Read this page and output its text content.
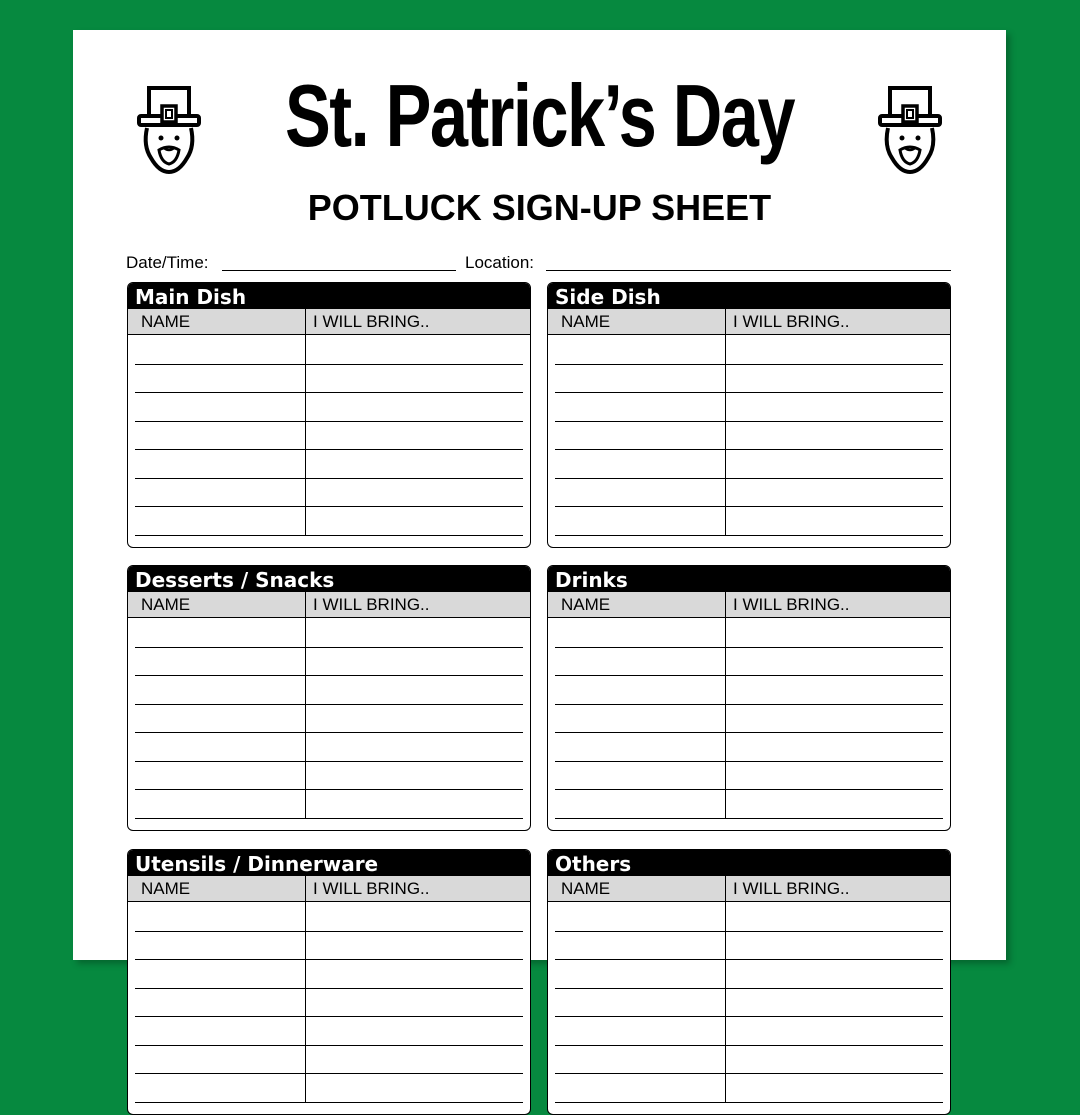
St. Patrick’s Day
POTLUCK SIGN-UP SHEET
Date/Time:	Location:
Main Dish
NAME	I WILL BRING..
Side Dish
NAME	I WILL BRING..
Desserts / Snacks
NAME	I WILL BRING..
Drinks
NAME	I WILL BRING..
Utensils / Dinnerware
NAME	I WILL BRING..
Others
NAME	I WILL BRING..
